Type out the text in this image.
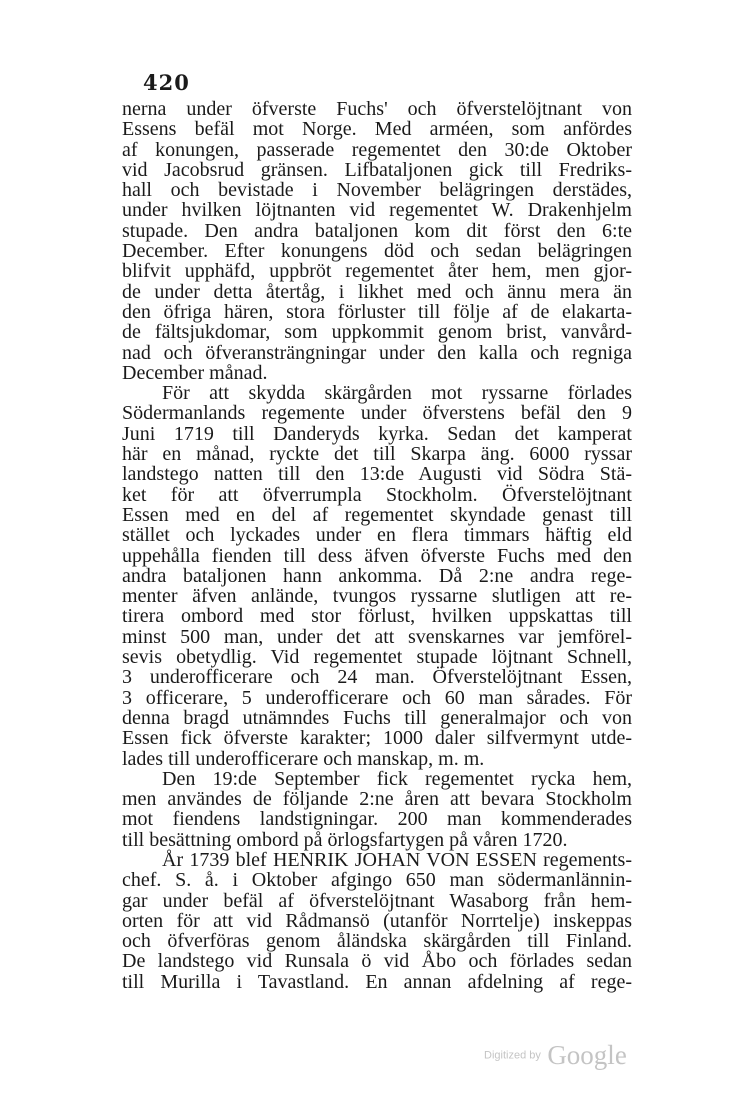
420
nerna under öfverste Fuchs' och öfverstelöjtnant von
Essens befäl mot Norge. Med arméen, som anfördes
af konungen, passerade regementet den 30:de Oktober
vid Jacobsrud gränsen. Lifbataljonen gick till Fredriks-
hall och bevistade i November belägringen derstädes,
under hvilken löjtnanten vid regementet W. Drakenhjelm
stupade. Den andra bataljonen kom dit först den 6:te
December. Efter konungens död och sedan belägringen
blifvit upphäfd, uppbröt regementet åter hem, men gjor-
de under detta återtåg, i likhet med och ännu mera än
den öfriga hären, stora förluster till följe af de elakarta-
de fältsjukdomar, som uppkommit genom brist, vanvård-
nad och öfveransträngningar under den kalla och regniga
December månad.
För att skydda skärgården mot ryssarne förlades
Södermanlands regemente under öfverstens befäl den 9
Juni 1719 till Danderyds kyrka. Sedan det kamperat
här en månad, ryckte det till Skarpa äng. 6000 ryssar
landstego natten till den 13:de Augusti vid Södra Stä-
ket för att öfverrumpla Stockholm. Öfverstelöjtnant
Essen med en del af regementet skyndade genast till
stället och lyckades under en flera timmars häftig eld
uppehålla fienden till dess äfven öfverste Fuchs med den
andra bataljonen hann ankomma. Då 2:ne andra rege-
menter äfven anlände, tvungos ryssarne slutligen att re-
tirera ombord med stor förlust, hvilken uppskattas till
minst 500 man, under det att svenskarnes var jemförel-
sevis obetydlig. Vid regementet stupade löjtnant Schnell,
3 underofficerare och 24 man. Öfverstelöjtnant Essen,
3 officerare, 5 underofficerare och 60 man sårades. För
denna bragd utnämndes Fuchs till generalmajor och von
Essen fick öfverste karakter; 1000 daler silfvermynt utde-
lades till underofficerare och manskap, m. m.
Den 19:de September fick regementet rycka hem,
men användes de följande 2:ne åren att bevara Stockholm
mot fiendens landstigningar. 200 man kommenderades
till besättning ombord på örlogsfartygen på våren 1720.
År 1739 blef HENRIK JOHAN VON ESSEN regements-
chef. S. å. i Oktober afgingo 650 man södermanlännin-
gar under befäl af öfverstelöjtnant Wasaborg från hem-
orten för att vid Rådmansö (utanför Norrtelje) inskeppas
och öfverföras genom åländska skärgården till Finland.
De landstego vid Runsala ö vid Åbo och förlades sedan
till Murilla i Tavastland. En annan afdelning af rege-
Digitized by Google
